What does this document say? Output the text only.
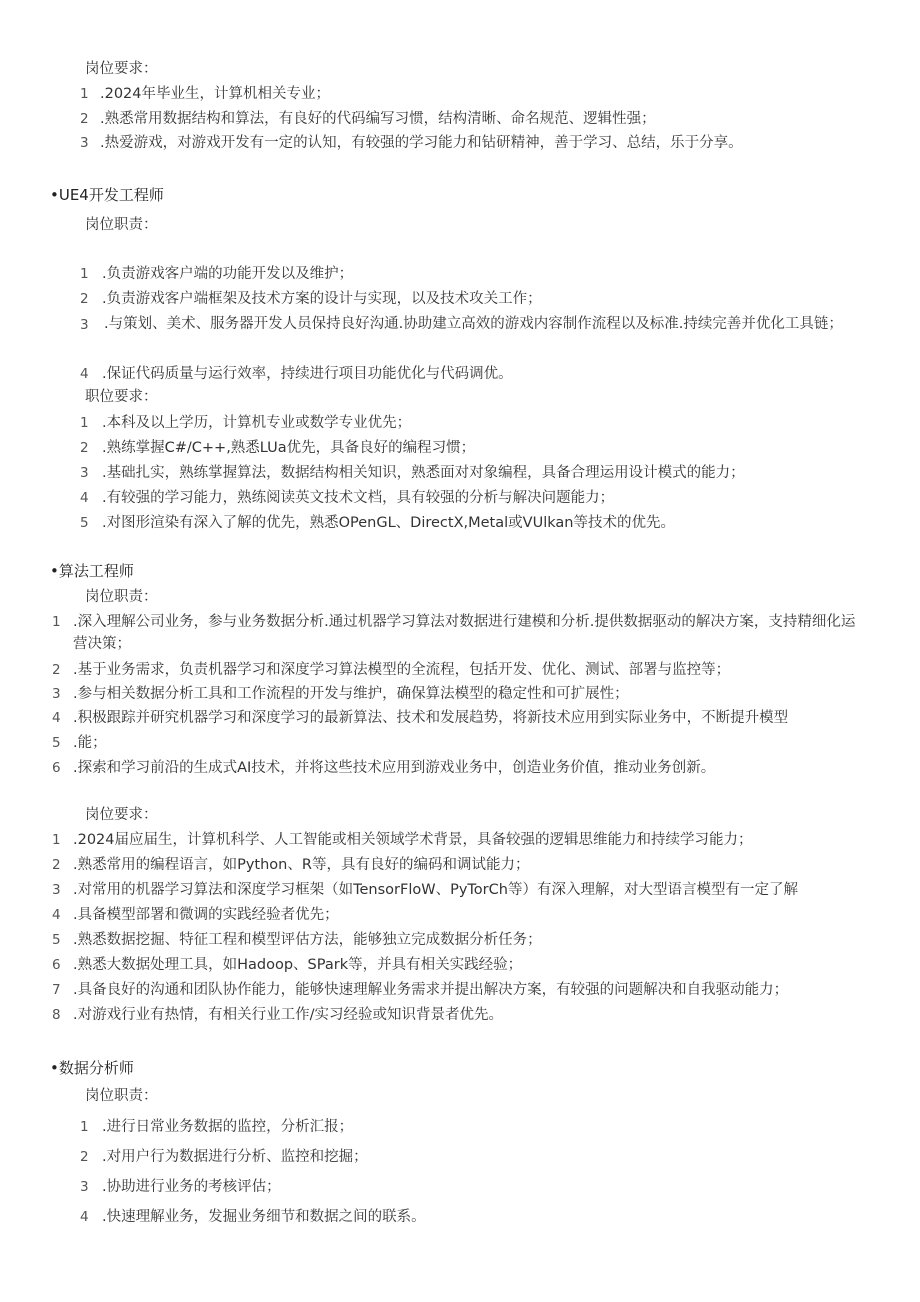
岗位要求：
1 .2024年毕业生，计算机相关专业；
2 .熟悉常用数据结构和算法，有良好的代码编写习惯，结构清晰、命名规范、逻辑性强；
3 .热爱游戏，对游戏开发有一定的认知，有较强的学习能力和钻研精神，善于学习、总结，乐于分享。
•UE4开发工程师
岗位职责：
1 .负责游戏客户端的功能开发以及维护；
2 .负责游戏客户端框架及技术方案的设计与实现，以及技术攻关工作；
3 .与策划、美术、服务器开发人员保持良好沟通.协助建立高效的游戏内容制作流程以及标准.持续完善并优化工具链；
4 .保证代码质量与运行效率，持续进行项目功能优化与代码调优。
职位要求：
1 .本科及以上学历，计算机专业或数学专业优先；
2 .熟练掌握C#/C++,熟悉LUa优先，具备良好的编程习惯；
3 .基础扎实，熟练掌握算法，数据结构相关知识，熟悉面对对象编程，具备合理运用设计模式的能力；
4 .有较强的学习能力，熟练阅读英文技术文档，具有较强的分析与解决问题能力；
5 .对图形渲染有深入了解的优先，熟悉OPenGL、DirectX,Metal或VUlkan等技术的优先。
•算法工程师
岗位职责：
1 .深入理解公司业务，参与业务数据分析.通过机器学习算法对数据进行建模和分析.提供数据驱动的解决方案，支持精细化运营决策；
2 .基于业务需求，负责机器学习和深度学习算法模型的全流程，包括开发、优化、测试、部署与监控等；
3 .参与相关数据分析工具和工作流程的开发与维护，确保算法模型的稳定性和可扩展性；
4 .积极跟踪并研究机器学习和深度学习的最新算法、技术和发展趋势，将新技术应用到实际业务中，不断提升模型
5 .能；
6 .探索和学习前沿的生成式AI技术，并将这些技术应用到游戏业务中，创造业务价值，推动业务创新。
岗位要求：
1 .2024届应届生，计算机科学、人工智能或相关领域学术背景，具备较强的逻辑思维能力和持续学习能力；
2 .熟悉常用的编程语言，如Python、R等，具有良好的编码和调试能力；
3 .对常用的机器学习算法和深度学习框架（如TensorFloW、PyTorCh等）有深入理解，对大型语言模型有一定了解
4 .具备模型部署和微调的实践经验者优先；
5 .熟悉数据挖掘、特征工程和模型评估方法，能够独立完成数据分析任务；
6 .熟悉大数据处理工具，如Hadoop、SPark等，并具有相关实践经验；
7 .具备良好的沟通和团队协作能力，能够快速理解业务需求并提出解决方案，有较强的问题解决和自我驱动能力；
8 .对游戏行业有热情，有相关行业工作/实习经验或知识背景者优先。
•数据分析师
岗位职责：
1 .进行日常业务数据的监控，分析汇报；
2 .对用户行为数据进行分析、监控和挖掘；
3 .协助进行业务的考核评估；
4 .快速理解业务，发掘业务细节和数据之间的联系。
